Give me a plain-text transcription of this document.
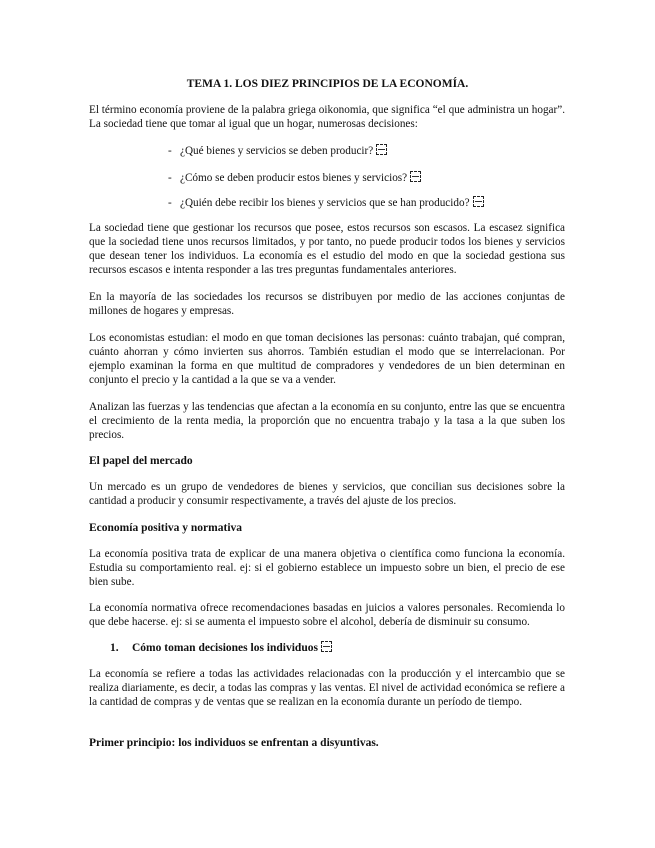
TEMA 1. LOS DIEZ PRINCIPIOS DE LA ECONOMÍA.

El término economía proviene de la palabra griega oikonomia, que significa “el que administra un hogar”. La sociedad tiene que tomar al igual que un hogar, numerosas decisiones:

- ¿Qué bienes y servicios se deben producir?

- ¿Cómo se deben producir estos bienes y servicios?

- ¿Quién debe recibir los bienes y servicios que se han producido?

La sociedad tiene que gestionar los recursos que posee, estos recursos son escasos. La escasez significa que la sociedad tiene unos recursos limitados, y por tanto, no puede producir todos los bienes y servicios que desean tener los individuos. La economía es el estudio del modo en que la sociedad gestiona sus recursos escasos e intenta responder a las tres preguntas fundamentales anteriores.

En la mayoría de las sociedades los recursos se distribuyen por medio de las acciones conjuntas de millones de hogares y empresas.

Los economistas estudian: el modo en que toman decisiones las personas: cuánto trabajan, qué compran, cuánto ahorran y cómo invierten sus ahorros. También estudian el modo que se interrelacionan. Por ejemplo examinan la forma en que multitud de compradores y vendedores de un bien determinan en conjunto el precio y la cantidad a la que se va a vender.

Analizan las fuerzas y las tendencias que afectan a la economía en su conjunto, entre las que se encuentra el crecimiento de la renta media, la proporción que no encuentra trabajo y la tasa a la que suben los precios.

El papel del mercado

Un mercado es un grupo de vendedores de bienes y servicios, que concilian sus decisiones sobre la cantidad a producir y consumir respectivamente, a través del ajuste de los precios.

Economía positiva y normativa

La economía positiva trata de explicar de una manera objetiva o científica como funciona la economía. Estudia su comportamiento real. ej: si el gobierno establece un impuesto sobre un bien, el precio de ese bien sube.

La economía normativa ofrece recomendaciones basadas en juicios a valores personales. Recomienda lo que debe hacerse. ej: si se aumenta el impuesto sobre el alcohol, debería de disminuir su consumo.

1. Cómo toman decisiones los individuos

La economía se refiere a todas las actividades relacionadas con la producción y el intercambio que se realiza diariamente, es decir, a todas las compras y las ventas. El nivel de actividad económica se refiere a la cantidad de compras y de ventas que se realizan en la economía durante un período de tiempo.

Primer principio: los individuos se enfrentan a disyuntivas.
